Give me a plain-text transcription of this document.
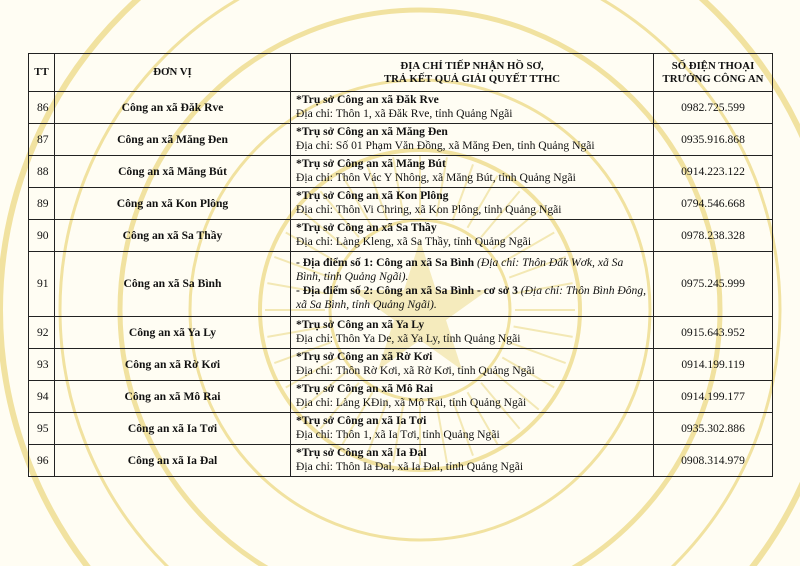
TT	ĐƠN VỊ	ĐỊA CHỈ TIẾP NHẬN HỒ SƠ,
TRẢ KẾT QUẢ GIẢI QUYẾT TTHC	SỐ ĐIỆN THOẠI
TRƯỞNG CÔNG AN

86	Công an xã Đăk Rve	*Trụ sở Công an xã Đăk Rve
Địa chỉ: Thôn 1, xã Đăk Rve, tỉnh Quảng Ngãi	0982.725.599
87	Công an xã Măng Đen	*Trụ sở Công an xã Măng Đen
Địa chỉ: Số 01 Phạm Văn Đồng, xã Măng Đen, tỉnh Quảng Ngãi	0935.916.868
88	Công an xã Măng Bút	*Trụ sở Công an xã Măng Bút
Địa chỉ: Thôn Vác Y Nhông, xã Măng Bút, tỉnh Quảng Ngãi	0914.223.122
89	Công an xã Kon Plông	*Trụ sở Công an xã Kon Plông
Địa chỉ: Thôn Vi Chring, xã Kon Plông, tỉnh Quảng Ngãi	0794.546.668
90	Công an xã Sa Thầy	*Trụ sở Công an xã Sa Thầy
Địa chỉ: Làng Kleng, xã Sa Thầy, tỉnh Quảng Ngãi	0978.238.328
91	Công an xã Sa Bình	- Địa điểm số 1: Công an xã Sa Bình (Địa chỉ: Thôn Đăk Wơk, xã Sa Bình, tỉnh Quảng Ngãi).
- Địa điểm số 2: Công an xã Sa Bình - cơ sở 3 (Địa chỉ: Thôn Bình Đông, xã Sa Bình, tỉnh Quảng Ngãi).	0975.245.999
92	Công an xã Ya Ly	*Trụ sở Công an xã Ya Ly
Địa chỉ: Thôn Ya De, xã Ya Ly, tỉnh Quảng Ngãi	0915.643.952
93	Công an xã Rờ Kơi	*Trụ sở Công an xã Rờ Kơi
Địa chỉ: Thôn Rờ Kơi, xã Rờ Kơi, tỉnh Quảng Ngãi	0914.199.119
94	Công an xã Mô Rai	*Trụ sở Công an xã Mô Rai
Địa chỉ: Làng KĐin, xã Mô Rai, tỉnh Quảng Ngãi	0914.199.177
95	Công an xã Ia Tơi	*Trụ sở Công an xã Ia Tơi
Địa chỉ: Thôn 1, xã Ia Tơi, tỉnh Quảng Ngãi	0935.302.886
96	Công an xã Ia Đal	*Trụ sở Công an xã Ia Đal
Địa chỉ: Thôn Ia Đal, xã Ia Đal, tỉnh Quảng Ngãi	0908.314.979
